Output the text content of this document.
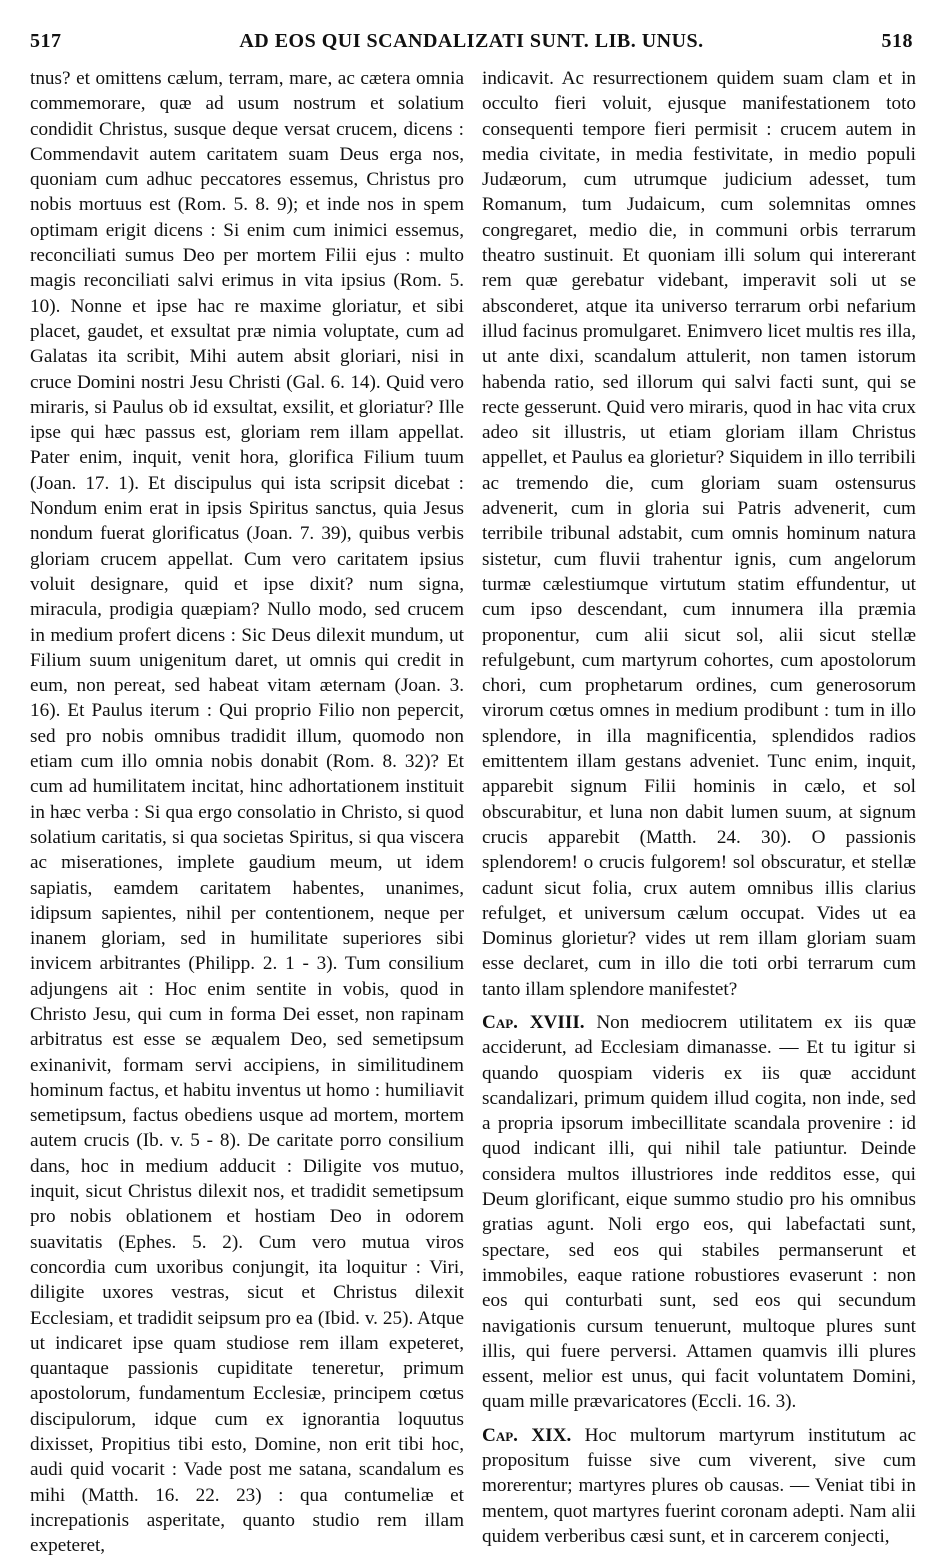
517	AD EOS QUI SCANDALIZATI SUNT. LIB. UNUS.	518

tnus? et omittens cælum, terram, mare, ac cætera omnia commemorare, quæ ad usum nostrum et solatium condidit Christus, susque deque versat crucem, dicens : Commendavit autem caritatem suam Deus erga nos, quoniam cum adhuc peccatores essemus, Christus pro nobis mortuus est (Rom. 5. 8. 9); et inde nos in spem optimam erigit dicens : Si enim cum inimici essemus, reconciliati sumus Deo per mortem Filii ejus : multo magis reconciliati salvi erimus in vita ipsius (Rom. 5. 10). Nonne et ipse hac re maxime gloriatur, et sibi placet, gaudet, et exsultat præ nimia voluptate, cum ad Galatas ita scribit, Mihi autem absit gloriari, nisi in cruce Domini nostri Jesu Christi (Gal. 6. 14). Quid vero miraris, si Paulus ob id exsultat, exsilit, et gloriatur? Ille ipse qui hæc passus est, gloriam rem illam appellat. Pater enim, inquit, venit hora, glorifica Filium tuum (Joan. 17. 1). Et discipulus qui ista scripsit dicebat : Nondum enim erat in ipsis Spiritus sanctus, quia Jesus nondum fuerat glorificatus (Joan. 7. 39), quibus verbis gloriam crucem appellat. Cum vero caritatem ipsius voluit designare, quid et ipse dixit? num signa, miracula, prodigia quæpiam? Nullo modo, sed crucem in medium profert dicens : Sic Deus dilexit mundum, ut Filium suum unigenitum daret, ut omnis qui credit in eum, non pereat, sed habeat vitam æternam (Joan. 3. 16). Et Paulus iterum : Qui proprio Filio non pepercit, sed pro nobis omnibus tradidit illum, quomodo non etiam cum illo omnia nobis donabit (Rom. 8. 32)? Et cum ad humilitatem incitat, hinc adhortationem instituit in hæc verba : Si qua ergo consolatio in Christo, si quod solatium caritatis, si qua societas Spiritus, si qua viscera ac miserationes, implete gaudium meum, ut idem sapiatis, eamdem caritatem habentes, unanimes, idipsum sapientes, nihil per contentionem, neque per inanem gloriam, sed in humilitate superiores sibi invicem arbitrantes (Philipp. 2. 1 - 3). Tum consilium adjungens ait : Hoc enim sentite in vobis, quod in Christo Jesu, qui cum in forma Dei esset, non rapinam arbitratus est esse se æqualem Deo, sed semetipsum exinanivit, formam servi accipiens, in similitudinem hominum factus, et habitu inventus ut homo : humiliavit semetipsum, factus obediens usque ad mortem, mortem autem crucis (Ib. v. 5 - 8). De caritate porro consilium dans, hoc in medium adducit : Diligite vos mutuo, inquit, sicut Christus dilexit nos, et tradidit semetipsum pro nobis oblationem et hostiam Deo in odorem suavitatis (Ephes. 5. 2). Cum vero mutua viros concordia cum uxoribus conjungit, ita loquitur : Viri, diligite uxores vestras, sicut et Christus dilexit Ecclesiam, et tradidit seipsum pro ea (Ibid. v. 25). Atque ut indicaret ipse quam studiose rem illam expeteret, quantaque passionis cupiditate teneretur, primum apostolorum, fundamentum Ecclesiæ, principem cœtus discipulorum, idque cum ex ignorantia loquutus dixisset, Propitius tibi esto, Domine, non erit tibi hoc, audi quid vocarit : Vade post me satana, scandalum es mihi (Matth. 16. 22. 23) : qua contumeliæ et increpationis asperitate, quanto studio rem illam expeteret,

indicavit. Ac resurrectionem quidem suam clam et in occulto fieri voluit, ejusque manifestationem toto consequenti tempore fieri permisit : crucem autem in media civitate, in media festivitate, in medio populi Judæorum, cum utrumque judicium adesset, tum Romanum, tum Judaicum, cum solemnitas omnes congregaret, medio die, in communi orbis terrarum theatro sustinuit. Et quoniam illi solum qui intererant rem quæ gerebatur videbant, imperavit soli ut se absconderet, atque ita universo terrarum orbi nefarium illud facinus promulgaret. Enimvero licet multis res illa, ut ante dixi, scandalum attulerit, non tamen istorum habenda ratio, sed illorum qui salvi facti sunt, qui se recte gesserunt. Quid vero miraris, quod in hac vita crux adeo sit illustris, ut etiam gloriam illam Christus appellet, et Paulus ea glorietur? Siquidem in illo terribili ac tremendo die, cum gloriam suam ostensurus advenerit, cum in gloria sui Patris advenerit, cum terribile tribunal adstabit, cum omnis hominum natura sistetur, cum fluvii trahentur ignis, cum angelorum turmæ cælestiumque virtutum statim effundentur, ut cum ipso descendant, cum innumera illa præmia proponentur, cum alii sicut sol, alii sicut stellæ refulgebunt, cum martyrum cohortes, cum apostolorum chori, cum prophetarum ordines, cum generosorum virorum cœtus omnes in medium prodibunt : tum in illo splendore, in illa magnificentia, splendidos radios emittentem illam gestans adveniet. Tunc enim, inquit, apparebit signum Filii hominis in cælo, et sol obscurabitur, et luna non dabit lumen suum, at signum crucis apparebit (Matth. 24. 30). O passionis splendorem! o crucis fulgorem! sol obscuratur, et stellæ cadunt sicut folia, crux autem omnibus illis clarius refulget, et universum cælum occupat. Vides ut ea Dominus glorietur? vides ut rem illam gloriam suam esse declaret, cum in illo die toti orbi terrarum cum tanto illam splendore manifestet?

Cap. XVIII. Non mediocrem utilitatem ex iis quæ acciderunt, ad Ecclesiam dimanasse. — Et tu igitur si quando quospiam videris ex iis quæ accidunt scandalizari, primum quidem illud cogita, non inde, sed a propria ipsorum imbecillitate scandala provenire : id quod indicant illi, qui nihil tale patiuntur. Deinde considera multos illustriores inde redditos esse, qui Deum glorificant, eique summo studio pro his omnibus gratias agunt. Noli ergo eos, qui labefactati sunt, spectare, sed eos qui stabiles permanserunt et immobiles, eaque ratione robustiores evaserunt : non eos qui conturbati sunt, sed eos qui secundum navigationis cursum tenuerunt, multoque plures sunt illis, qui fuere perversi. Attamen quamvis illi plures essent, melior est unus, qui facit voluntatem Domini, quam mille prævaricatores (Eccli. 16. 3).

Cap. XIX. Hoc multorum martyrum institutum ac propositum fuisse sive cum viverent, sive cum morerentur; martyres plures ob causas. — Veniat tibi in mentem, quot martyres fuerint coronam adepti. Nam alii quidem verberibus cæsi sunt, et in carcerem conjecti,
